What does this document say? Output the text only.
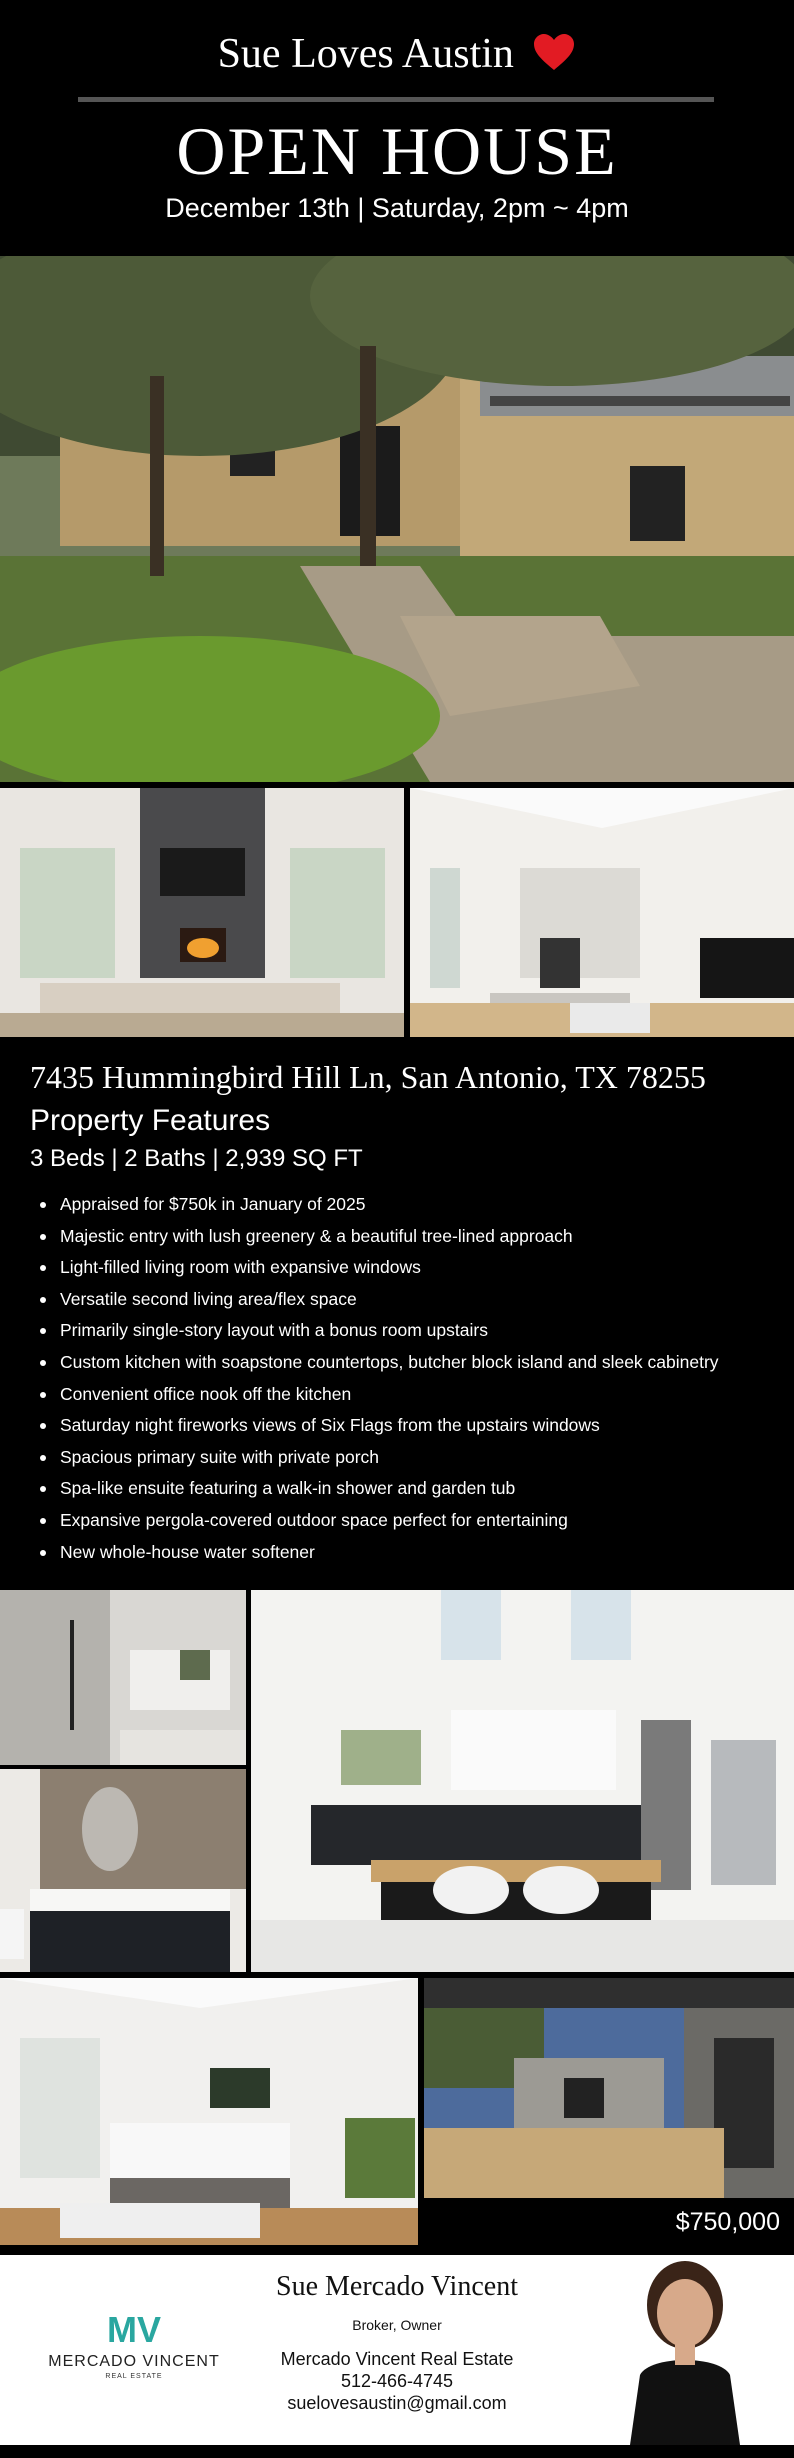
Sue Loves Austin
OPEN HOUSE
December 13th | Saturday, 2pm ~ 4pm
7435 Hummingbird Hill Ln, San Antonio, TX 78255
Property Features
3 Beds | 2 Baths | 2,939 SQ FT
Appraised for $750k in January of 2025
Majestic entry with lush greenery & a beautiful tree-lined approach
Light-filled living room with expansive windows
Versatile second living area/flex space
Primarily single-story layout with a bonus room upstairs
Custom kitchen with soapstone countertops, butcher block island and sleek cabinetry
Convenient office nook off the kitchen
Saturday night fireworks views of Six Flags from the upstairs windows
Spacious primary suite with private porch
Spa-like ensuite featuring a walk-in shower and garden tub
Expansive pergola-covered outdoor space perfect for entertaining
New whole-house water softener
$750,000
MV
MERCADO VINCENT
REAL ESTATE
Sue Mercado Vincent
Broker, Owner
Mercado Vincent Real Estate
512-466-4745
suelovesaustin@gmail.com
